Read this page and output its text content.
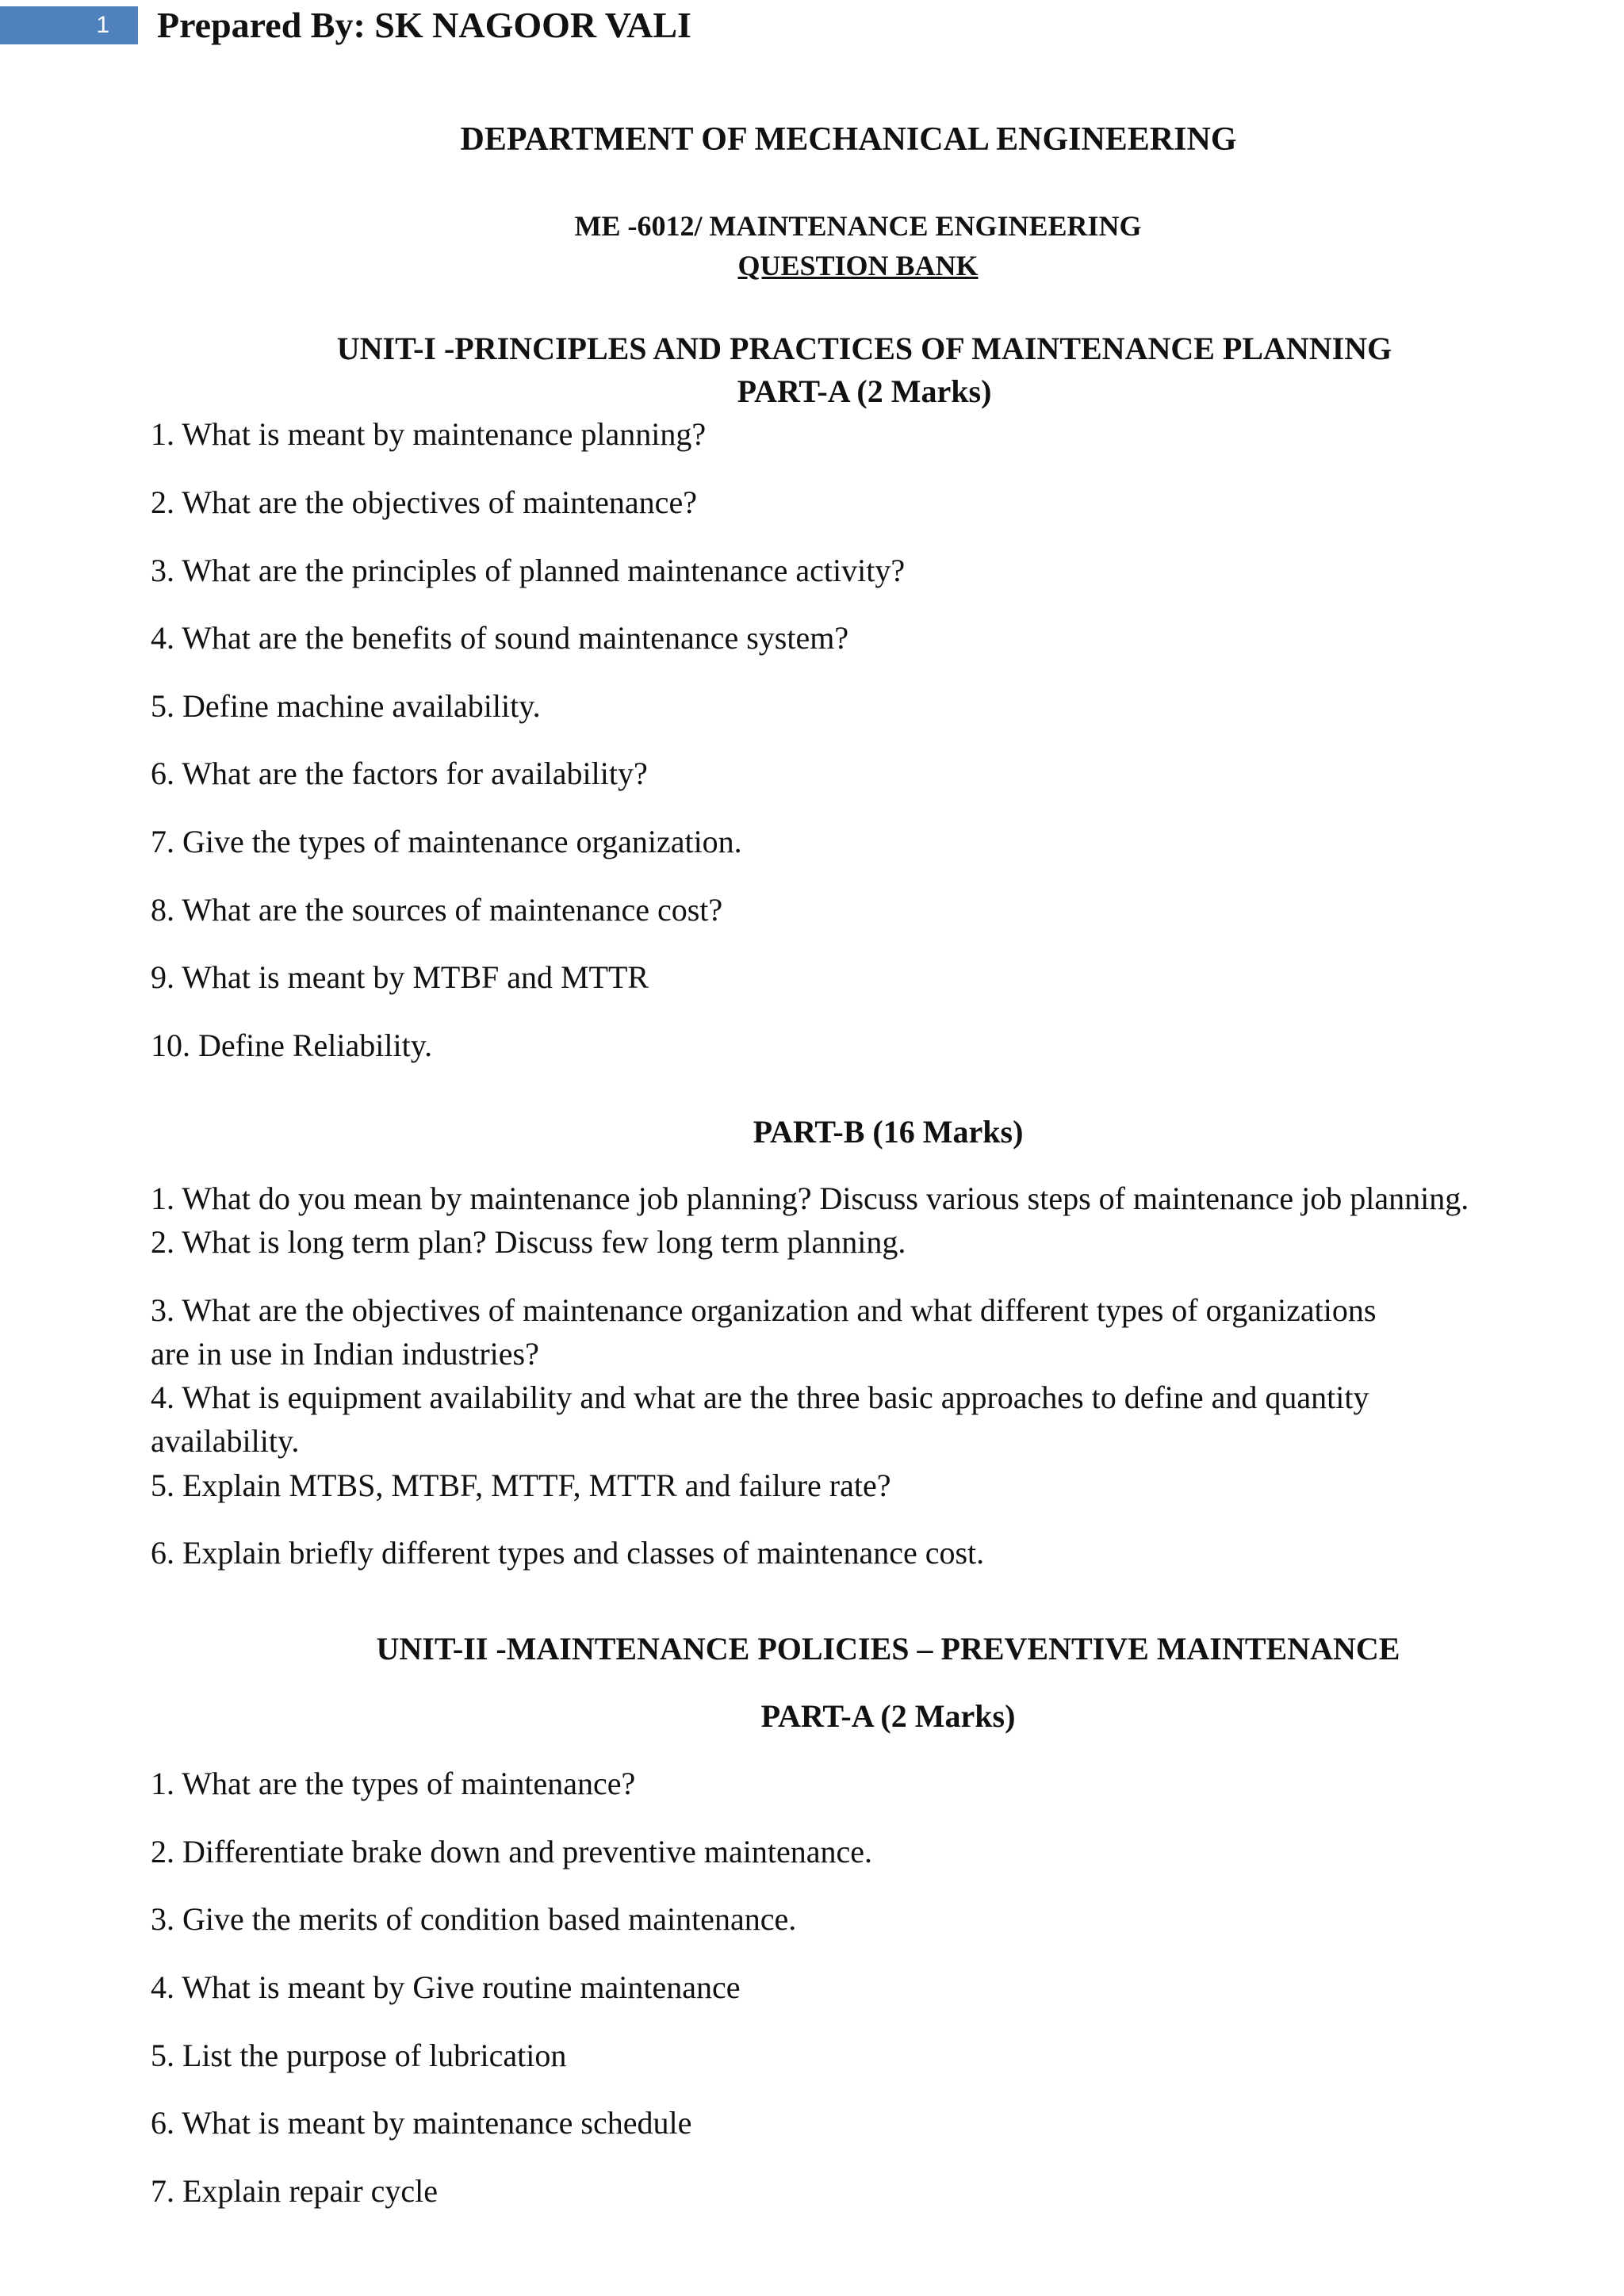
1	Prepared By: SK NAGOOR VALI
DEPARTMENT OF MECHANICAL ENGINEERING
ME -6012/ MAINTENANCE ENGINEERING
QUESTION BANK
UNIT-I -PRINCIPLES AND PRACTICES OF MAINTENANCE PLANNING
PART-A (2 Marks)
1. What is meant by maintenance planning?
2. What are the objectives of maintenance?
3. What are the principles of planned maintenance activity?
4. What are the benefits of sound maintenance system?
5. Define machine availability.
6. What are the factors for availability?
7. Give the types of maintenance organization.
8. What are the sources of maintenance cost?
9. What is meant by MTBF and MTTR
10. Define Reliability.
PART-B (16 Marks)
1. What do you mean by maintenance job planning? Discuss various steps of maintenance job planning.
2. What is long term plan? Discuss few long term planning.
3. What are the objectives of maintenance organization and what different types of organizations
are in use in Indian industries?
4. What is equipment availability and what are the three basic approaches to define and quantity
availability.
5. Explain MTBS, MTBF, MTTF, MTTR and failure rate?
6. Explain briefly different types and classes of maintenance cost.
UNIT-II -MAINTENANCE POLICIES – PREVENTIVE MAINTENANCE
PART-A (2 Marks)
1. What are the types of maintenance?
2. Differentiate brake down and preventive maintenance.
3. Give the merits of condition based maintenance.
4. What is meant by Give routine maintenance
5. List the purpose of lubrication
6. What is meant by maintenance schedule
7. Explain repair cycle
